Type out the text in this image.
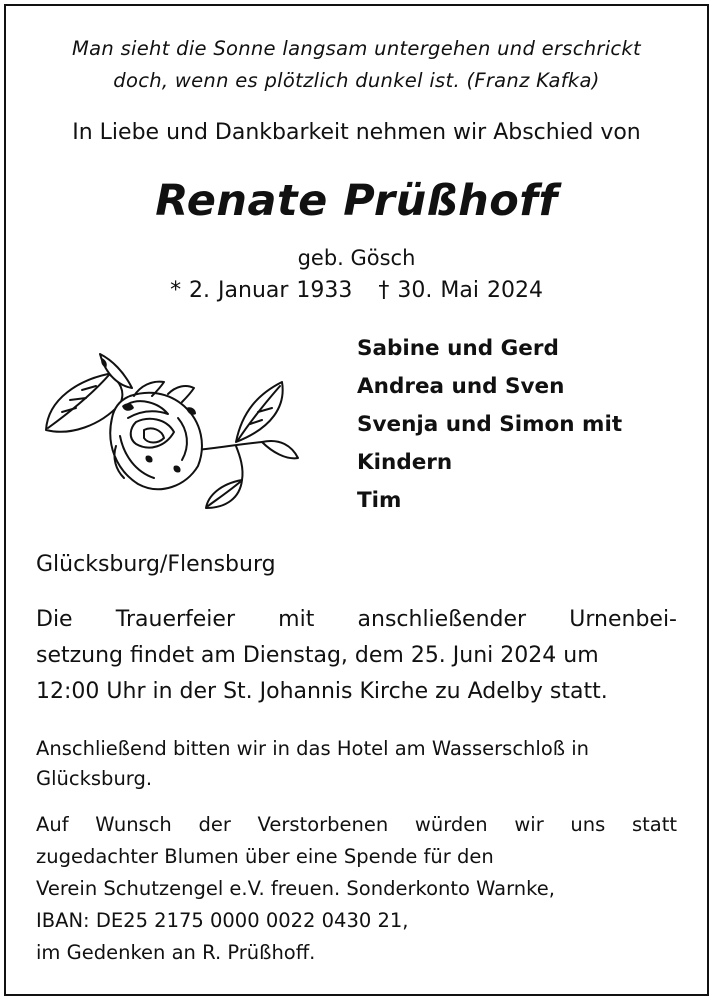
Man sieht die Sonne langsam untergehen und erschrickt

doch, wenn es plötzlich dunkel ist. (Franz Kafka)

In Liebe und Dankbarkeit nehmen wir Abschied von

Renate Prüßhoff

geb. Gösch

* 2. Januar 1933 † 30. Mai 2024

Sabine und Gerd

Andrea und Sven

Svenja und Simon mit

Kindern

Tim

Glücksburg/Flensburg

Die Trauerfeier mit anschließender Urnenbei-

setzung findet am Dienstag, dem 25. Juni 2024 um

12:00 Uhr in der St. Johannis Kirche zu Adelby statt.

Anschließend bitten wir in das Hotel am Wasserschloß in

Glücksburg.

Auf Wunsch der Verstorbenen würden wir uns statt

zugedachter Blumen über eine Spende für den

Verein Schutzengel e.V. freuen. Sonderkonto Warnke,

IBAN: DE25 2175 0000 0022 0430 21,

im Gedenken an R. Prüßhoff.
